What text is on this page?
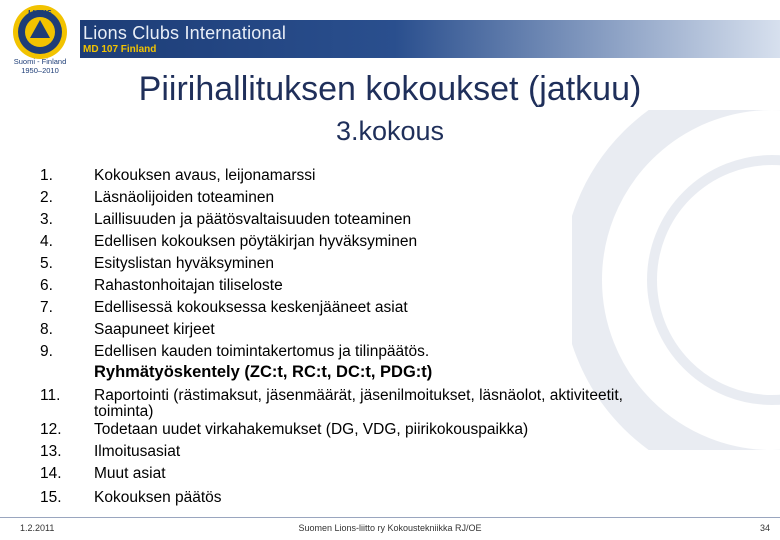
Lions Clubs International
MD 107 Finland
LIONS
Suomi - Finland
1950–2010	Piirihallituksen kokoukset (jatkuu)
3.kokous
1.	Kokouksen avaus, leijonamarssi
2.	Läsnäolijoiden toteaminen
3.	Laillisuuden ja päätösvaltaisuuden toteaminen
4.	Edellisen kokouksen pöytäkirjan hyväksyminen
5.	Esityslistan hyväksyminen
6.	Rahastonhoitajan tiliseloste
7.	Edellisessä kokouksessa keskenjääneet asiat
8.	Saapuneet kirjeet
9.	Edellisen kauden toimintakertomus ja tilinpäätös.
Ryhmätyöskentely (ZC:t, RC:t, DC:t, PDG:t)
11.	Raportointi (rästimaksut, jäsenmäärät, jäsenilmoitukset, läsnäolot, aktiviteetit,
toiminta)
12.	Todetaan uudet virkahakemukset (DG, VDG, piirikokouspaikka)
13.	Ilmoitusasiat
14.	Muut asiat
15.	Kokouksen päätös
1.2.2011	Suomen Lions-liitto ry Kokoustekniikka RJ/OE	34
